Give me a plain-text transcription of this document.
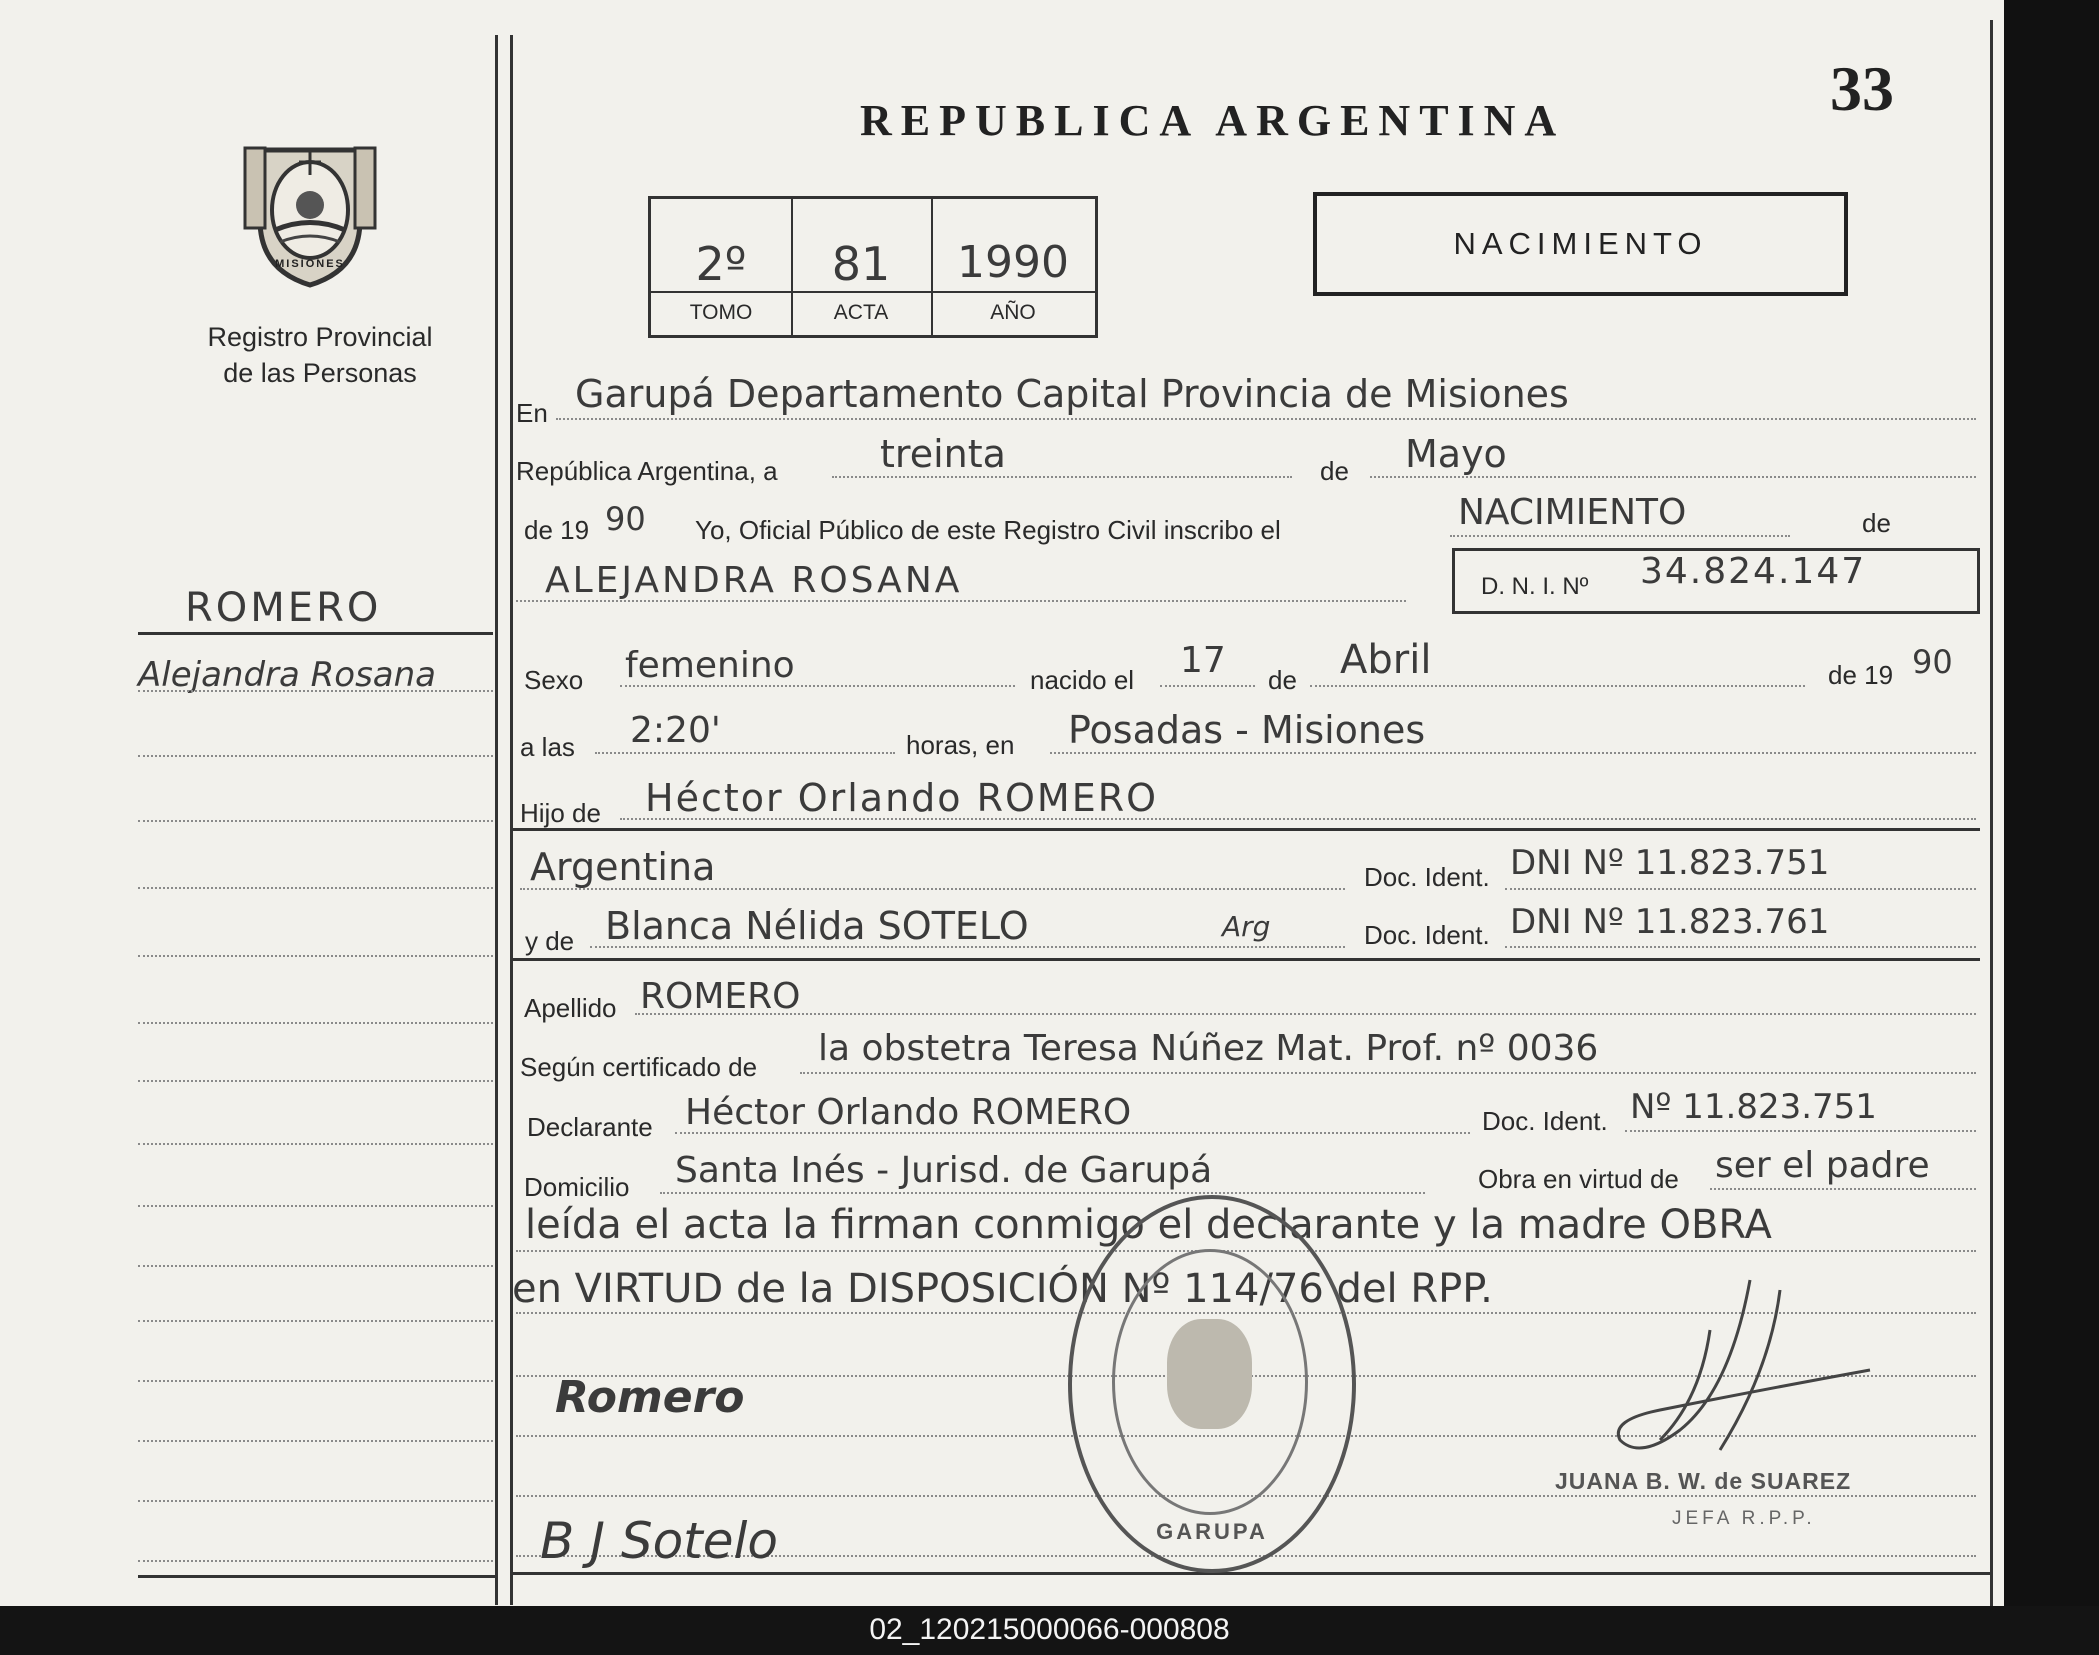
MISIONES
Registro Provincial
de las Personas
REPUBLICA ARGENTINA	33
2º	81	1990
TOMO	ACTA	AÑO
NACIMIENTO
ROMERO
Alejandra Rosana
En Garupá Departamento Capital Provincia de Misiones
República Argentina, a	treinta	de Mayo
de 19 90 Yo, Oficial Público de este Registro Civil inscribo el	NACIMIENTO	de
ALEJANDRA ROSANA	D. N. I. Nº 34.824.147
Sexo femenino	nacido el 17 de Abril	de 19 90
a las 2:20'	horas, en Posadas - Misiones
Hijo de Héctor Orlando ROMERO
Argentina	Doc. Ident. DNI Nº 11.823.751
y de Blanca Nélida SOTELO	Arg	Doc. Ident. DNI Nº 11.823.761
Apellido ROMERO
Según certificado de la obstetra Teresa Núñez Mat. Prof. nº 0036
Declarante Héctor Orlando ROMERO	Doc. Ident. Nº 11.823.751
Domicilio Santa Inés - Jurisd. de Garupá	Obra en virtud de ser el padre
leída el acta la firman conmigo el declarante y la madre OBRA
en VIRTUD de la DISPOSICIÓN Nº 114/76 del RPP.
Romero
B J Sotelo	GARUPA
JUANA B. W. de SUAREZ
JEFA R.P.P.
02_120215000066-000808
